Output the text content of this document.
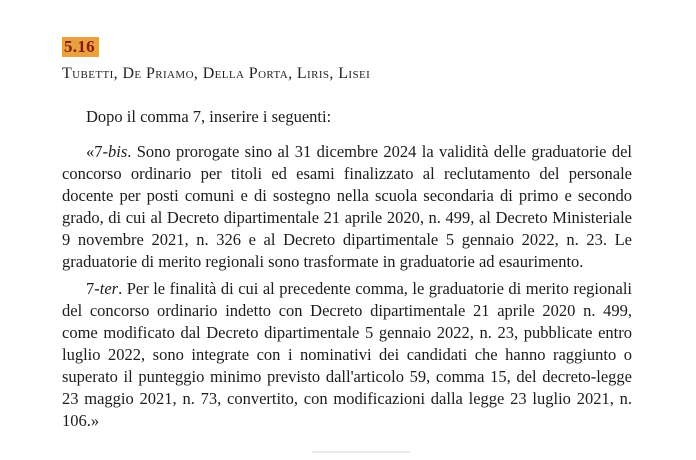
5.16
Tubetti, De Priamo, Della Porta, Liris, Lisei

Dopo il comma 7, inserire i seguenti:

«7-bis. Sono prorogate sino al 31 dicembre 2024 la validità delle graduatorie del concorso ordinario per titoli ed esami finalizzato al reclutamento del personale docente per posti comuni e di sostegno nella scuola secondaria di primo e secondo grado, di cui al Decreto dipartimentale 21 aprile 2020, n. 499, al Decreto Ministeriale 9 novembre 2021, n. 326 e al Decreto dipartimentale 5 gennaio 2022, n. 23. Le graduatorie di merito regionali sono trasformate in graduatorie ad esaurimento.

7-ter. Per le finalità di cui al precedente comma, le graduatorie di merito regionali del concorso ordinario indetto con Decreto dipartimentale 21 aprile 2020 n. 499, come modificato dal Decreto dipartimentale 5 gennaio 2022, n. 23, pubblicate entro luglio 2022, sono integrate con i nominativi dei candidati che hanno raggiunto o superato il punteggio minimo previsto dall'articolo 59, comma 15, del decreto-legge 23 maggio 2021, n. 73, convertito, con modificazioni dalla legge 23 luglio 2021, n. 106.»
